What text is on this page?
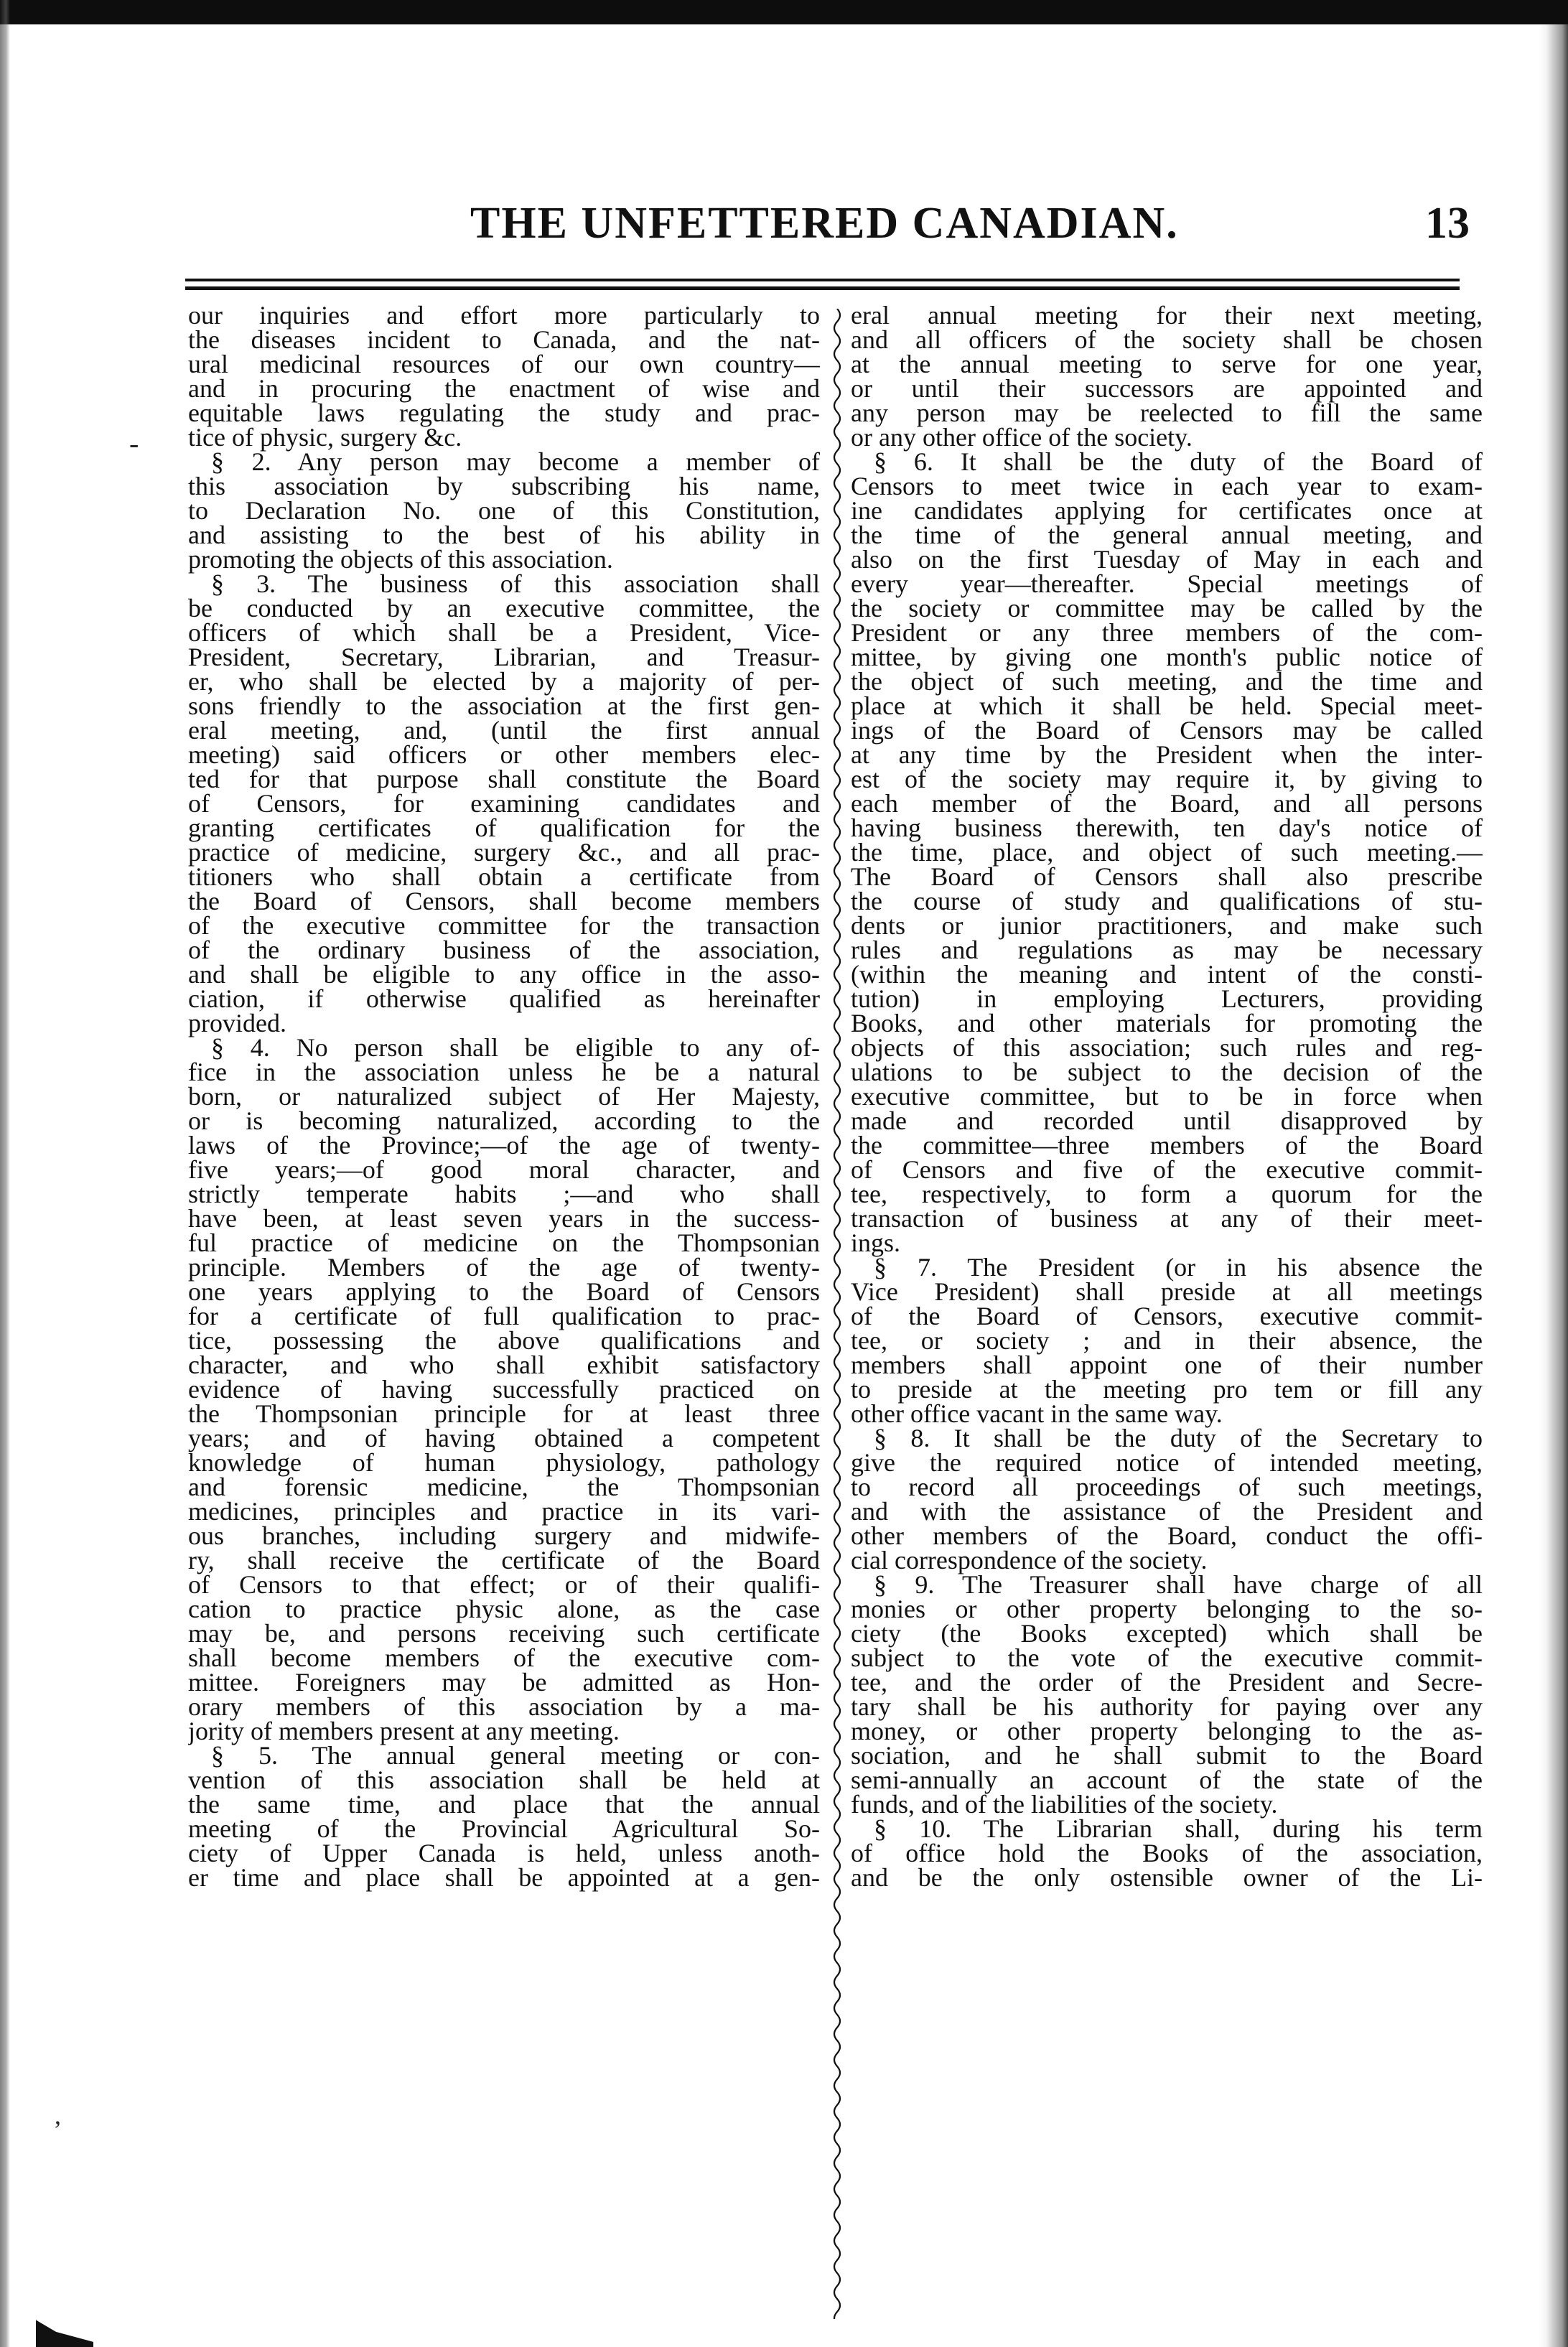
-
,
THE UNFETTERED CANADIAN.	13
our inquiries and effort more particularly to
the diseases incident to Canada, and the nat-
ural medicinal resources of our own country—
and in procuring the enactment of wise and
equitable laws regulating the study and prac-
tice of physic, surgery &c.
§ 2. Any person may become a member of
this association by subscribing his name,
to Declaration No. one of this Constitution,
and assisting to the best of his ability in
promoting the objects of this association.
§ 3. The business of this association shall
be conducted by an executive committee, the
officers of which shall be a President, Vice-
President, Secretary, Librarian, and Treasur-
er, who shall be elected by a majority of per-
sons friendly to the association at the first gen-
eral meeting, and, (until the first annual
meeting) said officers or other members elec-
ted for that purpose shall constitute the Board
of Censors, for examining candidates and
granting certificates of qualification for the
practice of medicine, surgery &c., and all prac-
titioners who shall obtain a certificate from
the Board of Censors, shall become members
of the executive committee for the transaction
of the ordinary business of the association,
and shall be eligible to any office in the asso-
ciation, if otherwise qualified as hereinafter
provided.
§ 4. No person shall be eligible to any of-
fice in the association unless he be a natural
born, or naturalized subject of Her Majesty,
or is becoming naturalized, according to the
laws of the Province;—of the age of twenty-
five years;—of good moral character, and
strictly temperate habits ;—and who shall
have been, at least seven years in the success-
ful practice of medicine on the Thompsonian
principle. Members of the age of twenty-
one years applying to the Board of Censors
for a certificate of full qualification to prac-
tice, possessing the above qualifications and
character, and who shall exhibit satisfactory
evidence of having successfully practiced on
the Thompsonian principle for at least three
years; and of having obtained a competent
knowledge of human physiology, pathology
and forensic medicine, the Thompsonian
medicines, principles and practice in its vari-
ous branches, including surgery and midwife-
ry, shall receive the certificate of the Board
of Censors to that effect; or of their qualifi-
cation to practice physic alone, as the case
may be, and persons receiving such certificate
shall become members of the executive com-
mittee. Foreigners may be admitted as Hon-
orary members of this association by a ma-
jority of members present at any meeting.
§ 5. The annual general meeting or con-
vention of this association shall be held at
the same time, and place that the annual
meeting of the Provincial Agricultural So-
ciety of Upper Canada is held, unless anoth-
er time and place shall be appointed at a gen-
eral annual meeting for their next meeting,
and all officers of the society shall be chosen
at the annual meeting to serve for one year,
or until their successors are appointed and
any person may be reelected to fill the same
or any other office of the society.
§ 6. It shall be the duty of the Board of
Censors to meet twice in each year to exam-
ine candidates applying for certificates once at
the time of the general annual meeting, and
also on the first Tuesday of May in each and
every year—thereafter. Special meetings of
the society or committee may be called by the
President or any three members of the com-
mittee, by giving one month's public notice of
the object of such meeting, and the time and
place at which it shall be held. Special meet-
ings of the Board of Censors may be called
at any time by the President when the inter-
est of the society may require it, by giving to
each member of the Board, and all persons
having business therewith, ten day's notice of
the time, place, and object of such meeting.—
The Board of Censors shall also prescribe
the course of study and qualifications of stu-
dents or junior practitioners, and make such
rules and regulations as may be necessary
(within the meaning and intent of the consti-
tution) in employing Lecturers, providing
Books, and other materials for promoting the
objects of this association; such rules and reg-
ulations to be subject to the decision of the
executive committee, but to be in force when
made and recorded until disapproved by
the committee—three members of the Board
of Censors and five of the executive commit-
tee, respectively, to form a quorum for the
transaction of business at any of their meet-
ings.
§ 7. The President (or in his absence the
Vice President) shall preside at all meetings
of the Board of Censors, executive commit-
tee, or society ; and in their absence, the
members shall appoint one of their number
to preside at the meeting pro tem or fill any
other office vacant in the same way.
§ 8. It shall be the duty of the Secretary to
give the required notice of intended meeting,
to record all proceedings of such meetings,
and with the assistance of the President and
other members of the Board, conduct the offi-
cial correspondence of the society.
§ 9. The Treasurer shall have charge of all
monies or other property belonging to the so-
ciety (the Books excepted) which shall be
subject to the vote of the executive commit-
tee, and the order of the President and Secre-
tary shall be his authority for paying over any
money, or other property belonging to the as-
sociation, and he shall submit to the Board
semi-annually an account of the state of the
funds, and of the liabilities of the society.
§ 10. The Librarian shall, during his term
of office hold the Books of the association,
and be the only ostensible owner of the Li-
